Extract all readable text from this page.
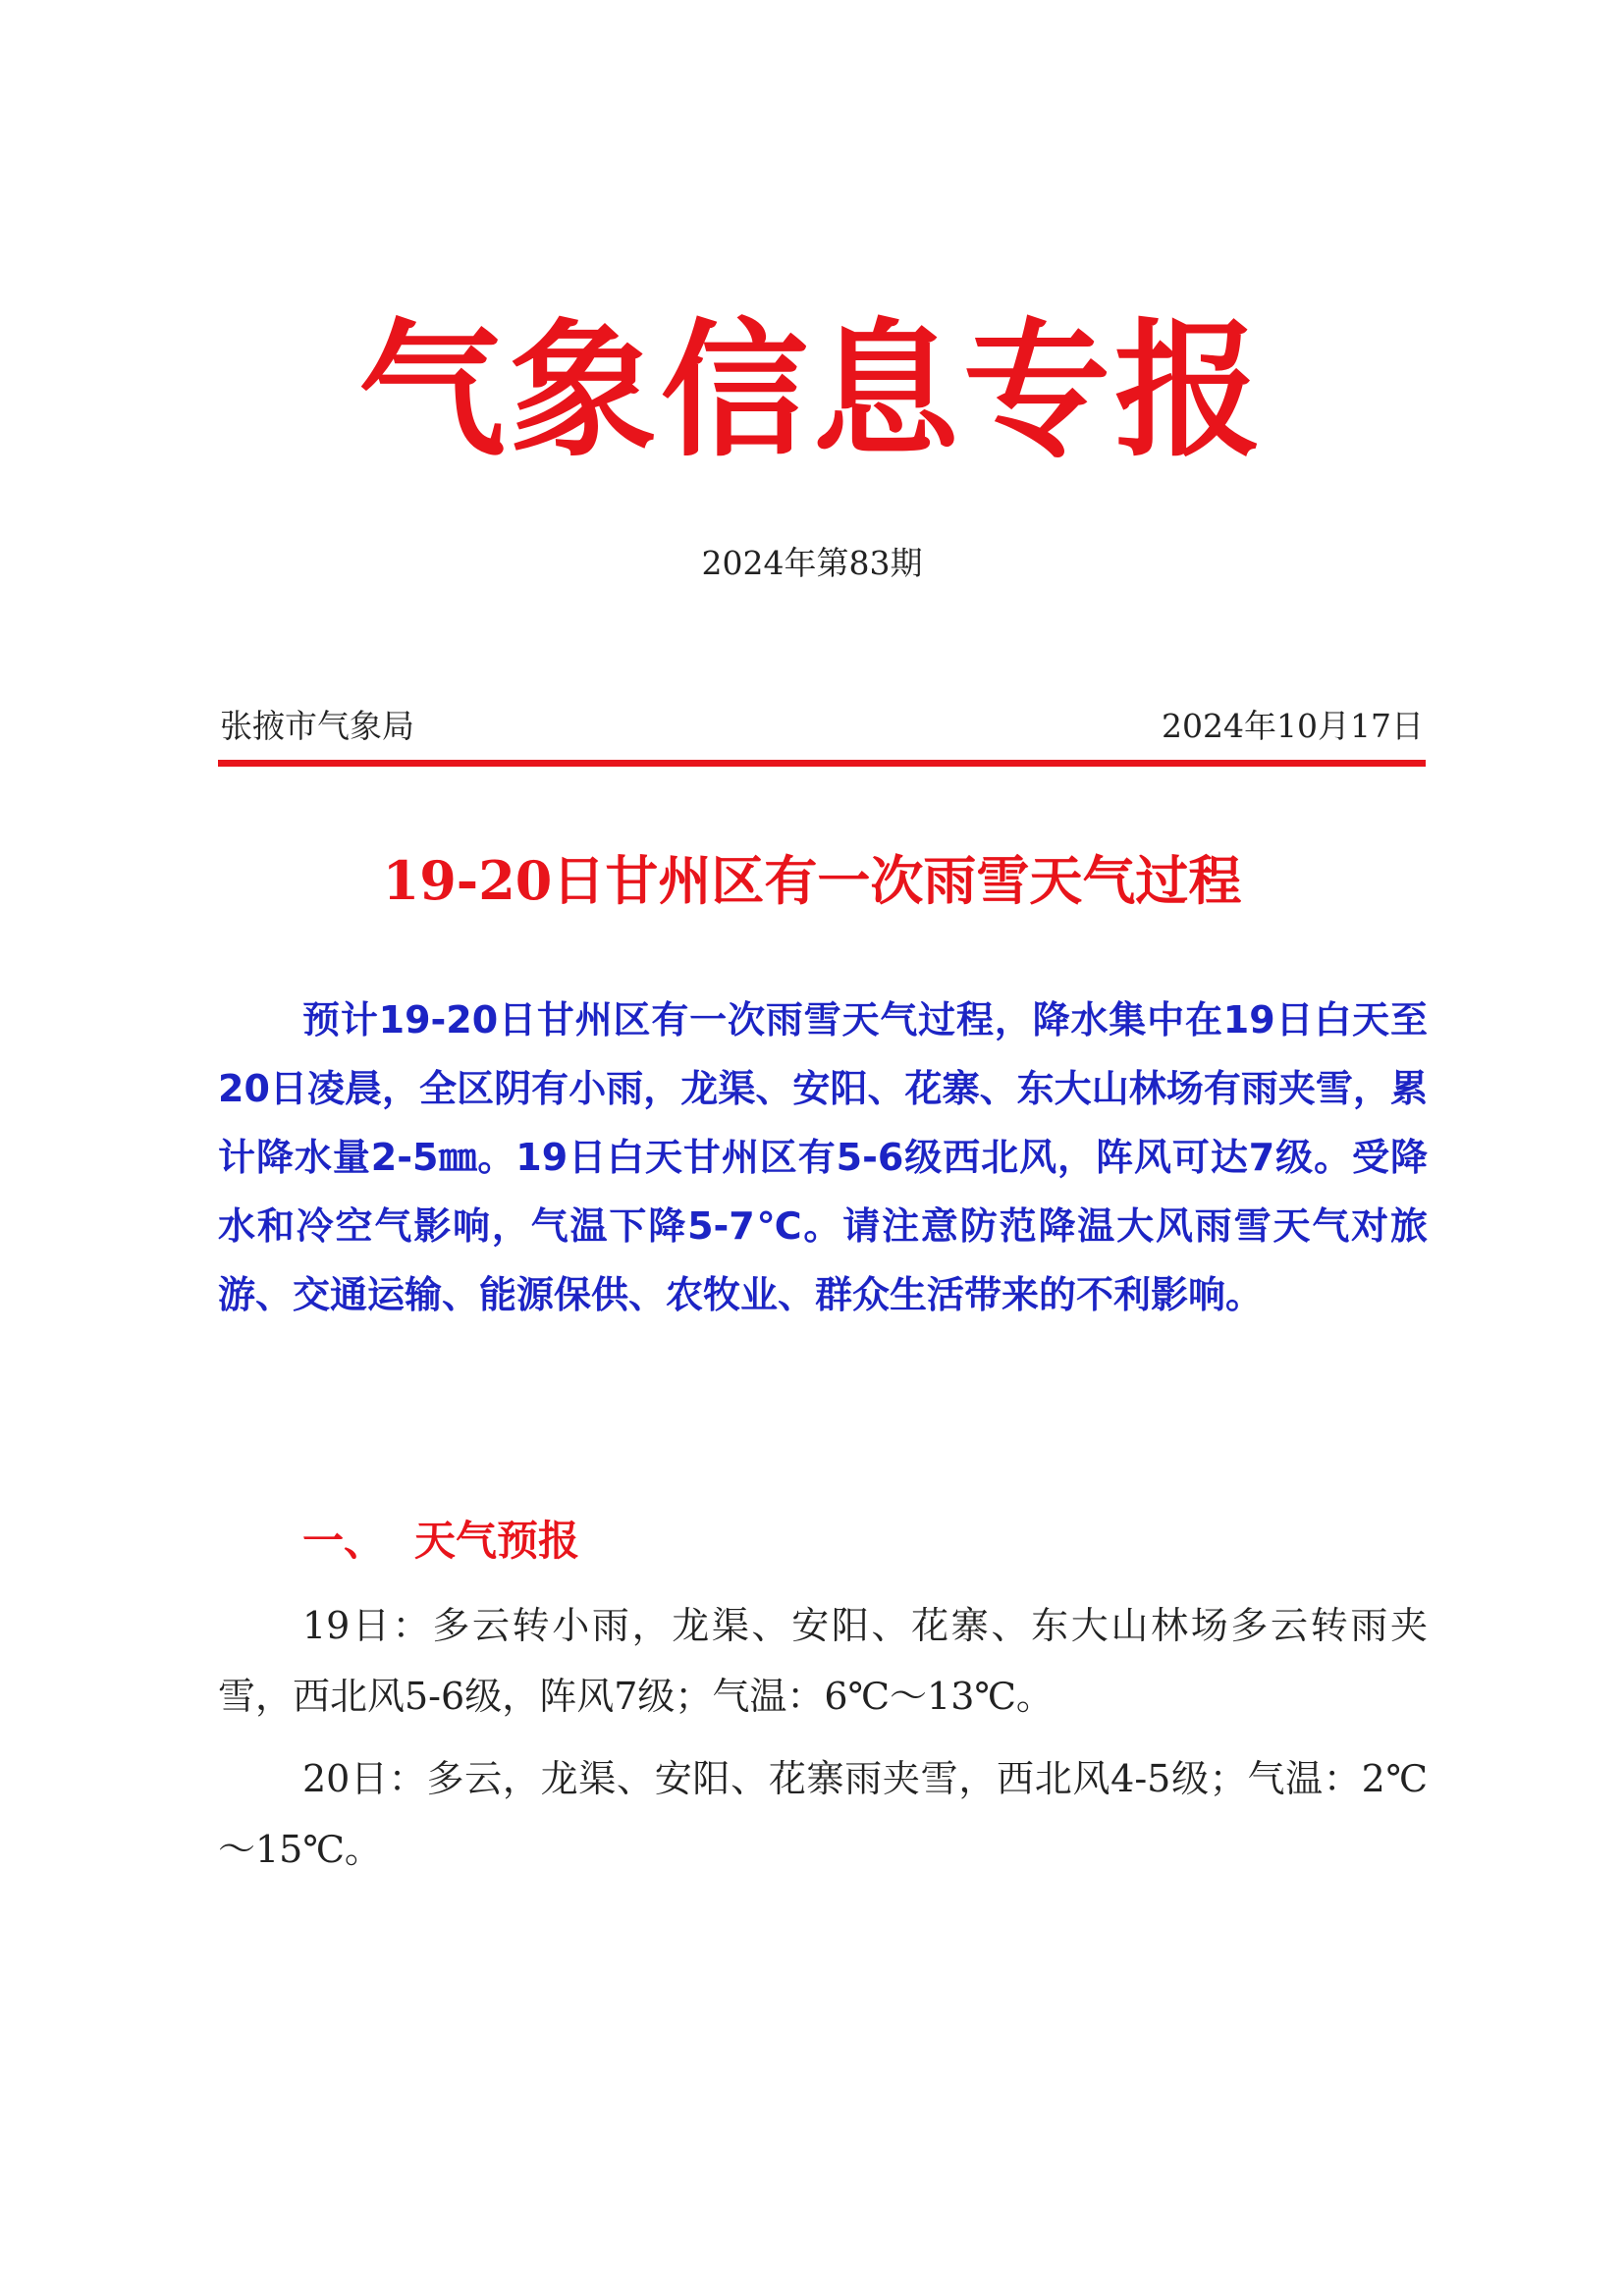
气象信息专报
2024年第83期
张掖市气象局	2024年10月17日
19-20日甘州区有一次雨雪天气过程

预计19-20日甘州区有一次雨雪天气过程，降水集中在19日白天至20日凌晨，全区阴有小雨，龙渠、安阳、花寨、东大山林场有雨夹雪，累计降水量2-5㎜。19日白天甘州区有5-6级西北风，阵风可达7级。受降水和冷空气影响，气温下降5-7℃。请注意防范降温大风雨雪天气对旅游、交通运输、能源保供、农牧业、群众生活带来的不利影响。

一、 天气预报

19日：多云转小雨，龙渠、安阳、花寨、东大山林场多云转雨夹雪，西北风5-6级，阵风7级；气温：6℃～13℃。

20日：多云，龙渠、安阳、花寨雨夹雪，西北风4-5级；气温：2℃～15℃。
